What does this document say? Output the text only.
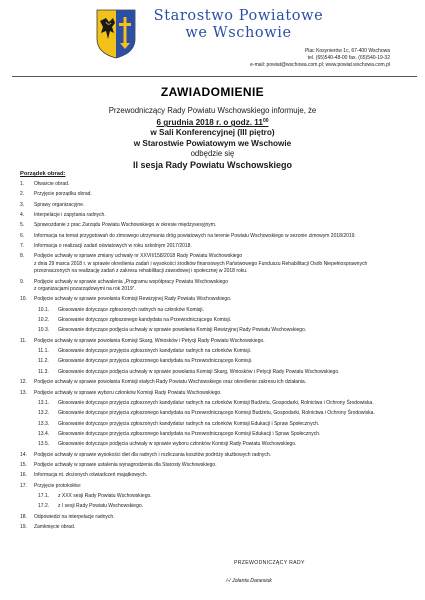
Starostwo Powiatowe
we Wschowie
Plac Kosynierów 1c, 67-400 Wschowa
tel. (65)540-48-00 fax. (65)540-19-32
e-mail: powiat@wschowa.com.pl; www.powiat.wschowa.com.pl
ZAWIADOMIENIE
Przewodniczący Rady Powiatu Wschowskiego informuje, że
6 grudnia 2018 r. o godz. $11^{00}$
w Sali Konferencyjnej (III piętro)
w Starostwie Powiatowym we Wschowie
odbędzie się
II sesja Rady Powiatu Wschowskiego
Porządek obrad:
1. Otwarcie obrad.
2. Przyjęcie porządku obrad.
3. Sprawy organizacyjne.
4. Interpelacje i zapytania radnych.
5. Sprawozdanie z prac Zarządu Powiatu Wschowskiego w okresie międzysesyjnym.
6. Informacja na temat przygotowań do zimowego utrzymania dróg powiatowych na terenie Powiatu Wschowskiego w sezonie zimowym 2018/2019.
7. Informacja o realizacji zadań oświatowych w roku szkolnym 2017/2018.
8. Podjęcie uchwały w sprawie zmiany uchwały nr XXVII/158/2018 Rady Powiatu Wschowskiego
z dnia 29 marca 2018 r. w sprawie określenia zadań i wysokości środków finansowych Państwowego Funduszu Rehabilitacji Osób Niepełnosprawnych
przeznaczonych na realizację zadań z zakresu rehabilitacji zawodowej i społecznej w 2018 roku.
9. Podjęcie uchwały w sprawie uchwalenia „Programu współpracy Powiatu Wschowskiego
z organizacjami pozarządowymi na rok 2019”.
10. Podjęcie uchwały w sprawie powołania Komisji Rewizyjnej Rady Powiatu Wschowskiego.
10.1. Głosowanie dotyczące zgłoszonych radnych na członków Komisji.
10.2. Głosowanie dotyczące zgłoszonego kandydata na Przewodniczącego Komisji.
10.3. Głosowanie dotyczące podjęcia uchwały w sprawie powołania Komisji Rewizyjnej Rady Powiatu Wschowskiego.
11. Podjęcie uchwały w sprawie powołania Komisji Skarg, Wniosków i Petycji Rady Powiatu Wschowskiego.
11.1. Głosowanie dotyczące przyjęcia zgłoszonych kandydatur radnych na członków Komisji.
11.2. Głosowanie dotyczące przyjęcia zgłoszonego kandydata na Przewodniczącego Komisji.
11.3. Głosowanie dotyczące podjęcia uchwały w sprawie powołania Komisji Skarg, Wniosków i Petycji Rady Powiatu Wschowskiego.
12. Podjęcie uchwały w sprawie powołania Komisji stałych Rady Powiatu Wschowskiego oraz określenie zakresu ich działania.
13. Podjęcie uchwały w sprawie wyboru członków Komisji Rady Powiatu Wschowskiego.
13.1. Głosowanie dotyczące przyjęcia zgłoszonych kandydatur radnych na członków Komisji Budżetu, Gospodarki, Rolnictwa i Ochrony Środowiska.
13.2. Głosowanie dotyczące przyjęcia zgłoszonego kandydata na Przewodniczącego Komisji Budżetu, Gospodarki, Rolnictwa i Ochrony Środowiska.
13.3. Głosowanie dotyczące przyjęcia zgłoszonych kandydatur radnych na członków Komisji Edukacji i Spraw Społecznych.
13.4. Głosowanie dotyczące przyjęcia zgłoszonego kandydata na Przewodniczącego Komisji Edukacji i Spraw Społecznych.
13.5. Głosowanie dotyczące podjęcia uchwały w sprawie wyboru członków Komisji Rady Powiatu Wschowskiego.
14. Podjęcie uchwały w sprawie wysokości diet dla radnych i rozliczania kosztów podróży służbowych radnych.
15. Podjęcie uchwały w sprawie ustalenia wynagrodzenia dla Starosty Wschowskiego.
16. Informacja nt. złożonych oświadczeń majątkowych.
17. Przyjęcie protokołów:
17.1. z XXX sesji Rady Powiatu Wschowskiego.
17.2. z I sesji Rady Powiatu Wschowskiego.
18. Odpowiedzi na interpelacje radnych.
19. Zamknięcie obrad.
PRZEWODNICZĄCY RADY
/-/ Jolanta Danesiuk
